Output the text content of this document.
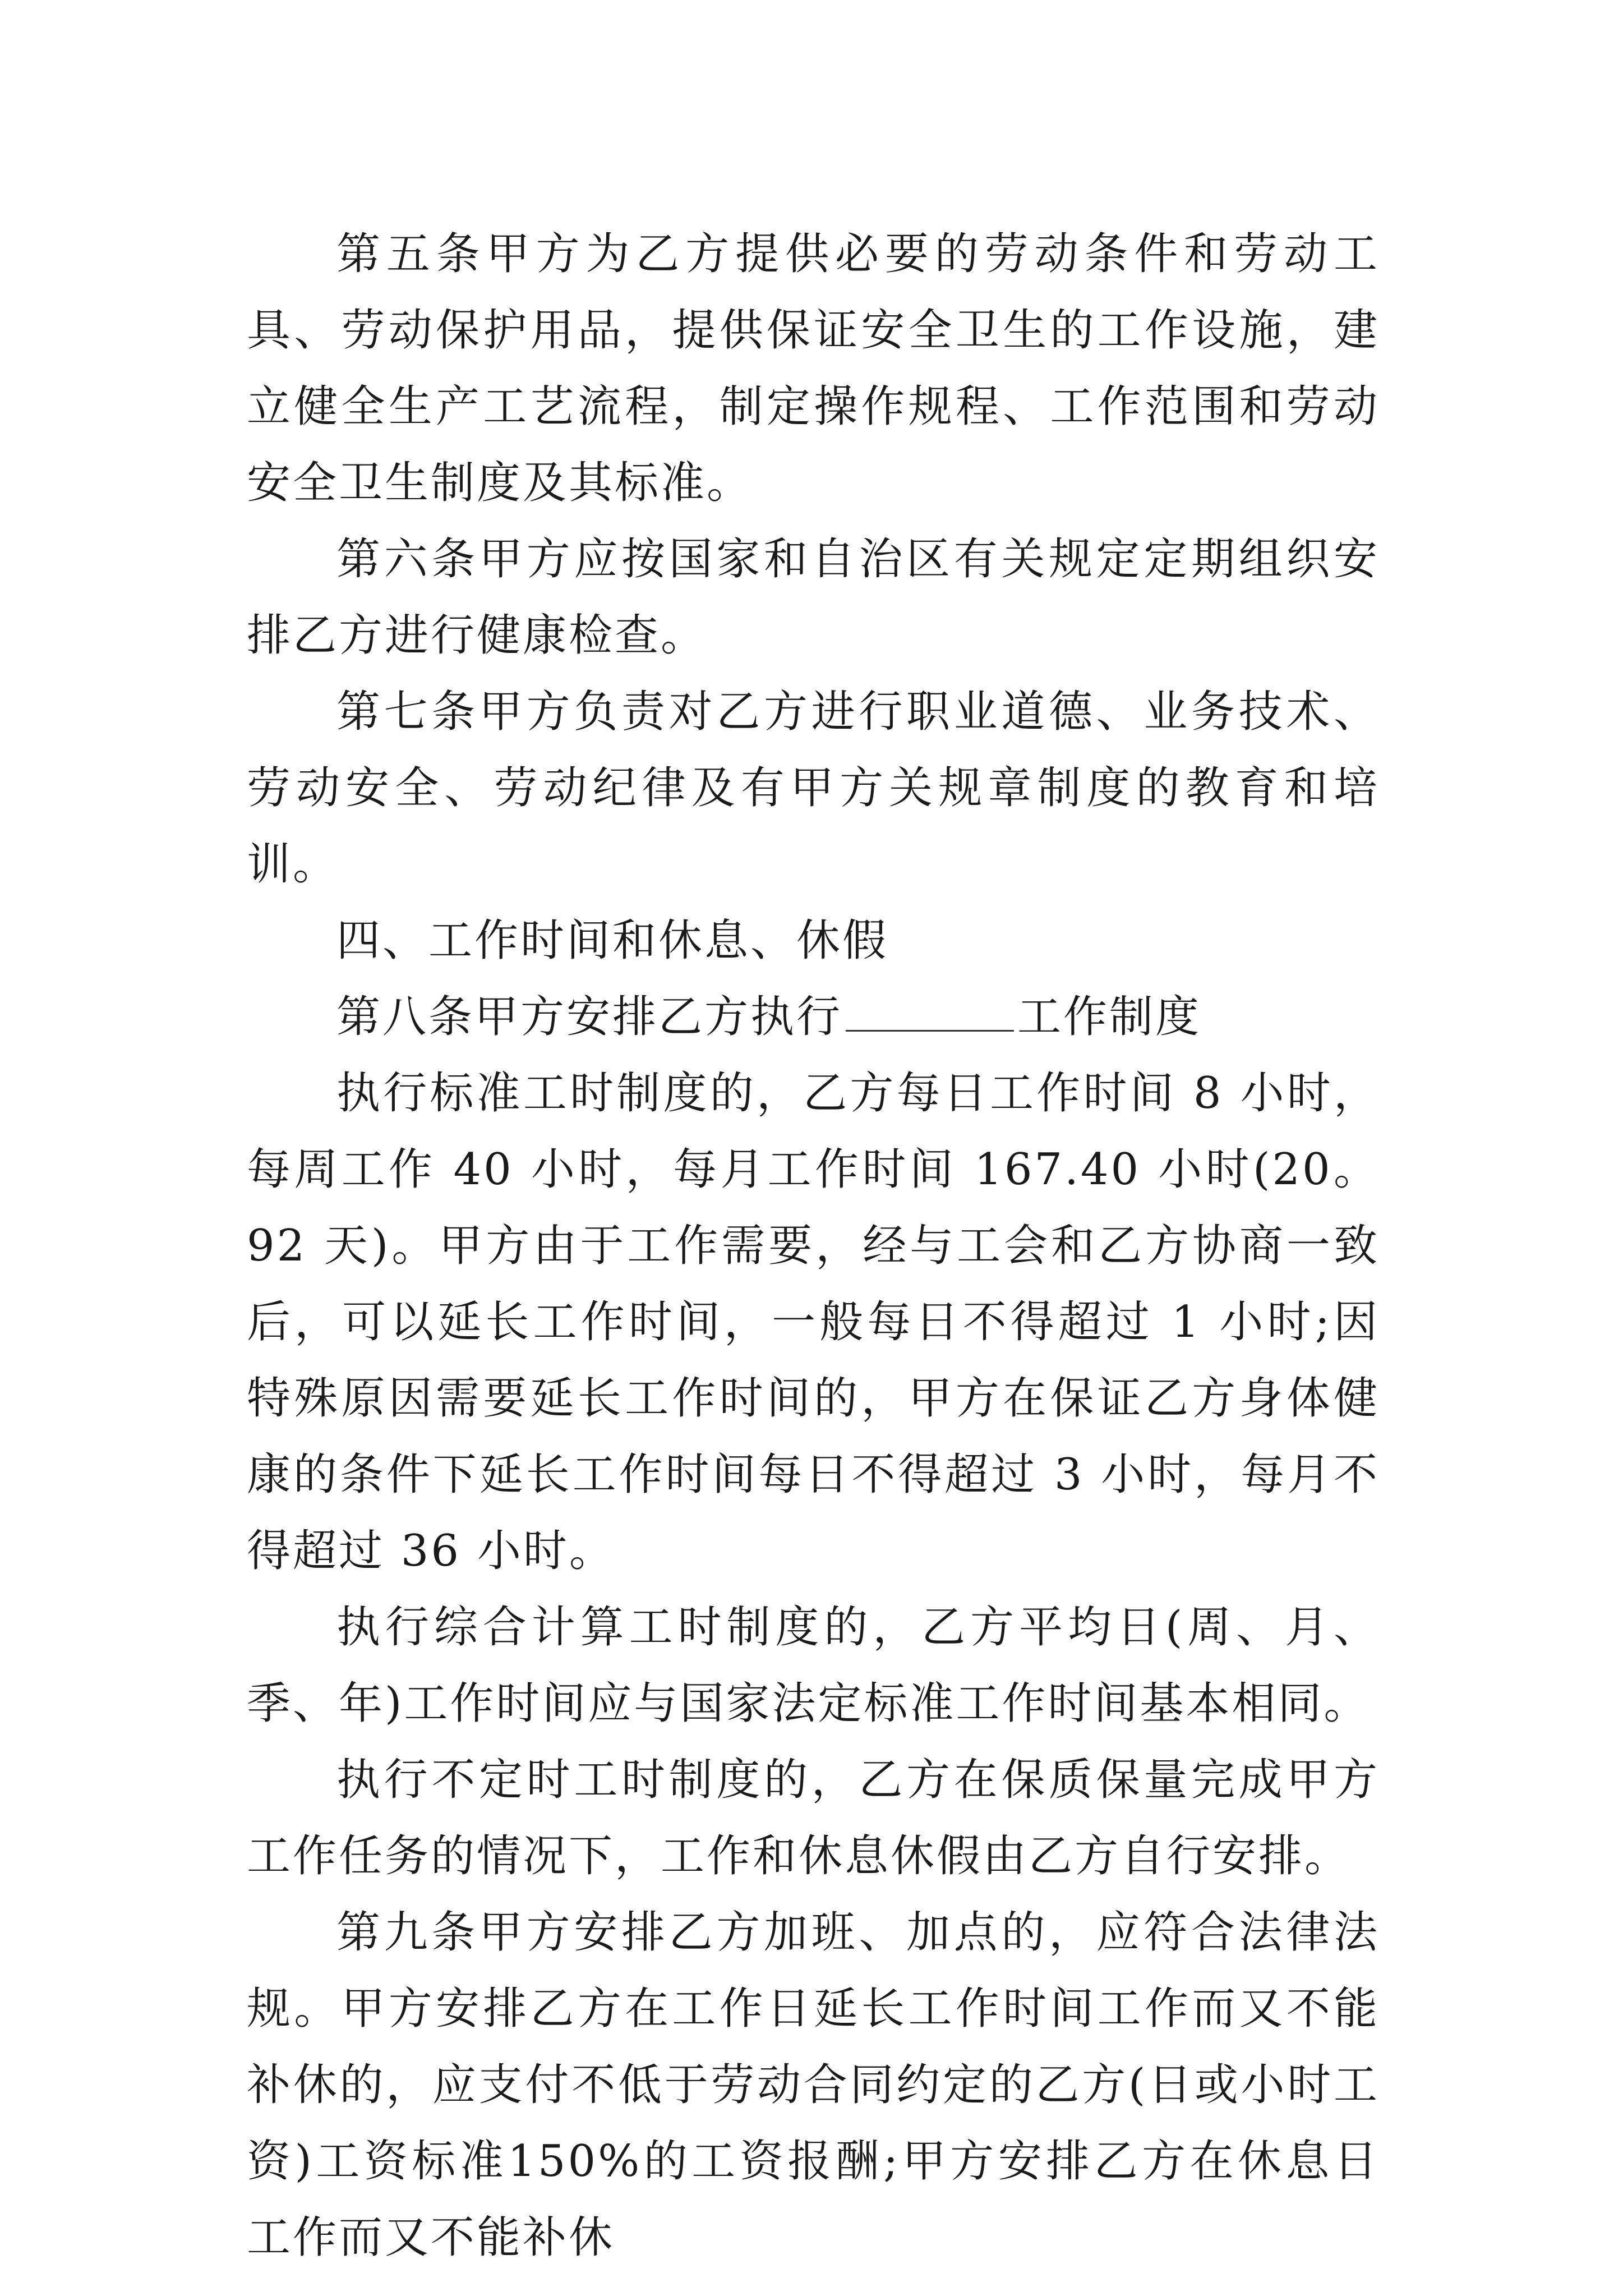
第五条甲方为乙方提供必要的劳动条件和劳动工具、劳动保护用品，提供保证安全卫生的工作设施，建立健全生产工艺流程，制定操作规程、工作范围和劳动安全卫生制度及其标准。

第六条甲方应按国家和自治区有关规定定期组织安排乙方进行健康检查。

第七条甲方负责对乙方进行职业道德、业务技术、劳动安全、劳动纪律及有甲方关规章制度的教育和培训。

四、工作时间和休息、休假

第八条甲方安排乙方执行	工作制度

执行标准工时制度的，乙方每日工作时间 8 小时，每周工作 40 小时，每月工作时间 167.40 小时(20。92 天)。甲方由于工作需要，经与工会和乙方协商一致后，可以延长工作时间，一般每日不得超过 1 小时;因特殊原因需要延长工作时间的，甲方在保证乙方身体健康的条件下延长工作时间每日不得超过 3 小时，每月不得超过 36 小时。

执行综合计算工时制度的，乙方平均日(周、月、季、年)工作时间应与国家法定标准工作时间基本相同。

执行不定时工时制度的，乙方在保质保量完成甲方工作任务的情况下，工作和休息休假由乙方自行安排。

第九条甲方安排乙方加班、加点的，应符合法律法规。甲方安排乙方在工作日延长工作时间工作而又不能补休的，应支付不低于劳动合同约定的乙方(日或小时工资)工资标准150%的工资报酬;甲方安排乙方在休息日工作而又不能补休
